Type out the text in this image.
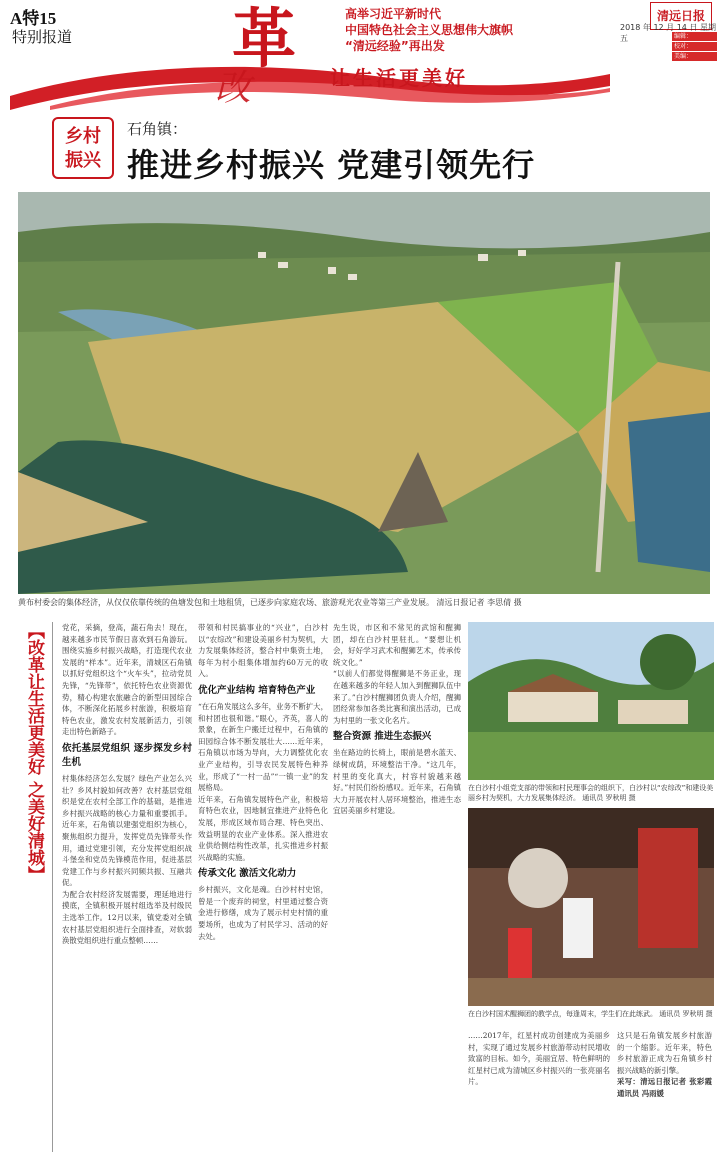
A特15
特别报道 革
改
高举习近平新时代
中国特色社会主义思想伟大旗帜
“清远经验”再出发
让生活更美好
清远日报
2018 年 12 月 14 日 星期五	编辑：
校对：
美编：
乡村 振兴
石角镇：
推进乡村振兴 党建引领先行
黄布村委会的集体经济，从仅仅依靠传统的鱼塘发包和土地租赁，已逐步向家庭农场、旅游观光农业等第三产业发展。 清远日报记者 李思倩 摄
【改革让生活更美好 之美好清城】 党花，采摘，登高，蔬石角去！现在，越来越多市民节假日喜欢到石角游玩。围绕实施乡村振兴战略，打造现代农业发展的“样本”。近年来，清城区石角镇以抓好党组织这个“火车头”，拉动党员先锋，“先锋带”，依托特色农业资源优势，精心构建农旅融合的新型田园综合体，不断深化拓展乡村旅游，积极培育特色农业，激发农村发展新活力，引领走出特色新路子。

依托基层党组织 逐步探发乡村生机

村集体经济怎么发展？绿色产业怎么兴壮？乡风村貌如何改善？农村基层党组织是党在农村全部工作的基础，是推进乡村振兴战略的核心力量和重要抓手。近年来，石角镇以建强党组织为核心，聚焦组织力提升，发挥党员先锋带头作用，通过党建引领，充分发挥党组织战斗堡垒和党员先锋模范作用，促进基层党建工作与乡村振兴同频共振、互融共促。

为配合农村经济发展需要，理延地进行摸底，全镇积极开展村组选举及村级民主选举工作。12月以来，镇党委对全镇农村基层党组织进行全面排查，对软弱涣散党组织进行重点整顿……

带领和村民搞事业的“兴业”，白沙村以“农综改”和建设美丽乡村为契机，大力发展集体经济，整合村中集资土地，每年为村小组集体增加约60万元的收入。

优化产业结构 培育特色产业

“在石角发展这么多年，业务不断扩大，和村团也很和谐。”眼心，齐英，喜人的景象，在新生户搬迁过程中，石角镇的田园综合体不断发展壮大……近年来，石角镇以市场为导向，大力调整优化农业产业结构，引导农民发展特色种养业，形成了“一村一品”“一镇一业”的发展格局。

近年来，石角镇发展特色产业，积极培育特色农业，因地制宜推进产业特色化发展，形成区域布局合理、特色突出、效益明显的农业产业体系。深入推进农业供给侧结构性改革，扎实推进乡村振兴战略的实施。

传承文化 激活文化动力

乡村振兴，文化是魂。白沙村村史馆，曾是一个废弃的祠堂，村里通过整合资金进行修缮，成为了展示村史村情的重要场所，也成为了村民学习、活动的好去处。

先生说，市区和不常见的武馆和醒狮团，却在白沙村里驻扎。“要想让机会，好好学习武术和醒狮艺术，传承传统文化。”

“以前人们都觉得醒狮是不务正业，现在越来越多的年轻人加入到醒狮队伍中来了。”白沙村醒狮团负责人介绍，醒狮团经常参加各类比赛和演出活动，已成为村里的一张文化名片。

整合资源 推进生态振兴

坐在路边的长椅上，眼前是碧水蓝天、绿树成荫，环境整洁干净。“这几年，村里的变化真大，村容村貌越来越好。”村民们纷纷感叹。近年来，石角镇大力开展农村人居环境整治，推进生态宜居美丽乡村建设。

在白沙村小组党支部的带领和村民理事会的组织下，白沙村以“农综改”和建设美丽乡村为契机，大力发展集体经济。 通讯员 罗秋明 摄
在白沙村国术醒狮团的教学点，每逢周末，学生们在此练武。 通讯员 罗秋明 摄

……2017年，红星村成功创建成为美丽乡村，实现了通过发展乡村旅游带动村民增收致富的目标。如今，美丽宜居、特色鲜明的红星村已成为清城区乡村振兴的一张亮丽名片。

这只是石角镇发展乡村旅游的一个缩影。近年来，特色乡村旅游正成为石角镇乡村振兴战略的新引擎。

采写：清远日报记者 张彩霞 通讯员 冯雨媛
